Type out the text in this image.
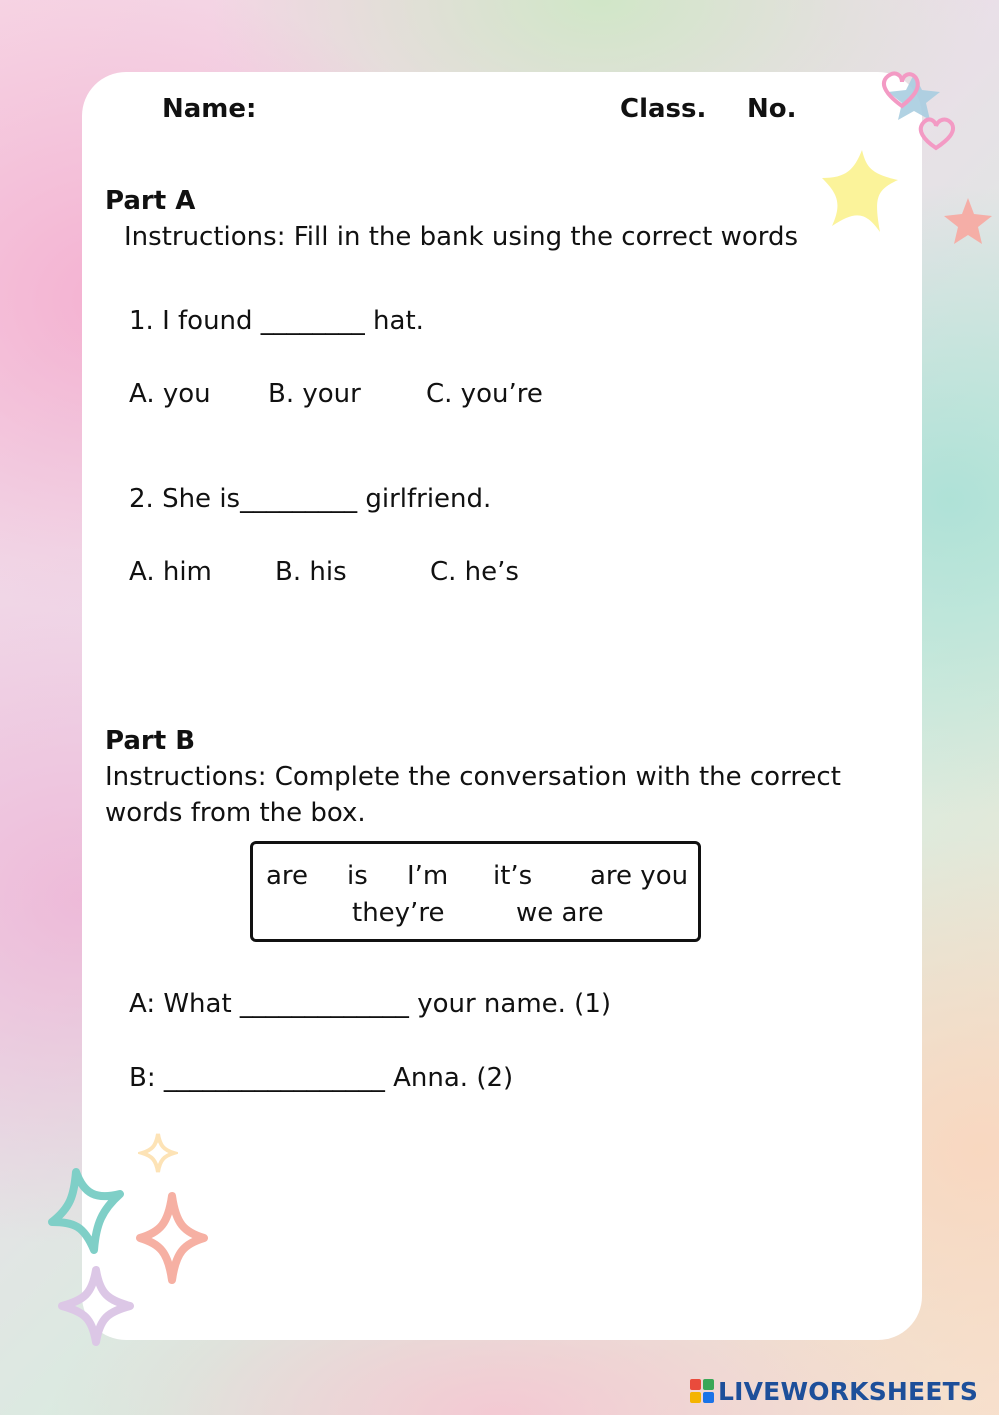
Name:	Class. No.
Part A
Instructions: Fill in the bank using the correct words
1. I found ________ hat.
A. you B. your	C. you’re
2. She is_________ girlfriend.
A. him B. his	C. he’s
Part B
Instructions: Complete the conversation with the correct
words from the box.
are is I’m it’s are you
they’re	we are
A: What _____________ your name. (1)
B: _________________ Anna. (2)
LIVEWORKSHEETS
